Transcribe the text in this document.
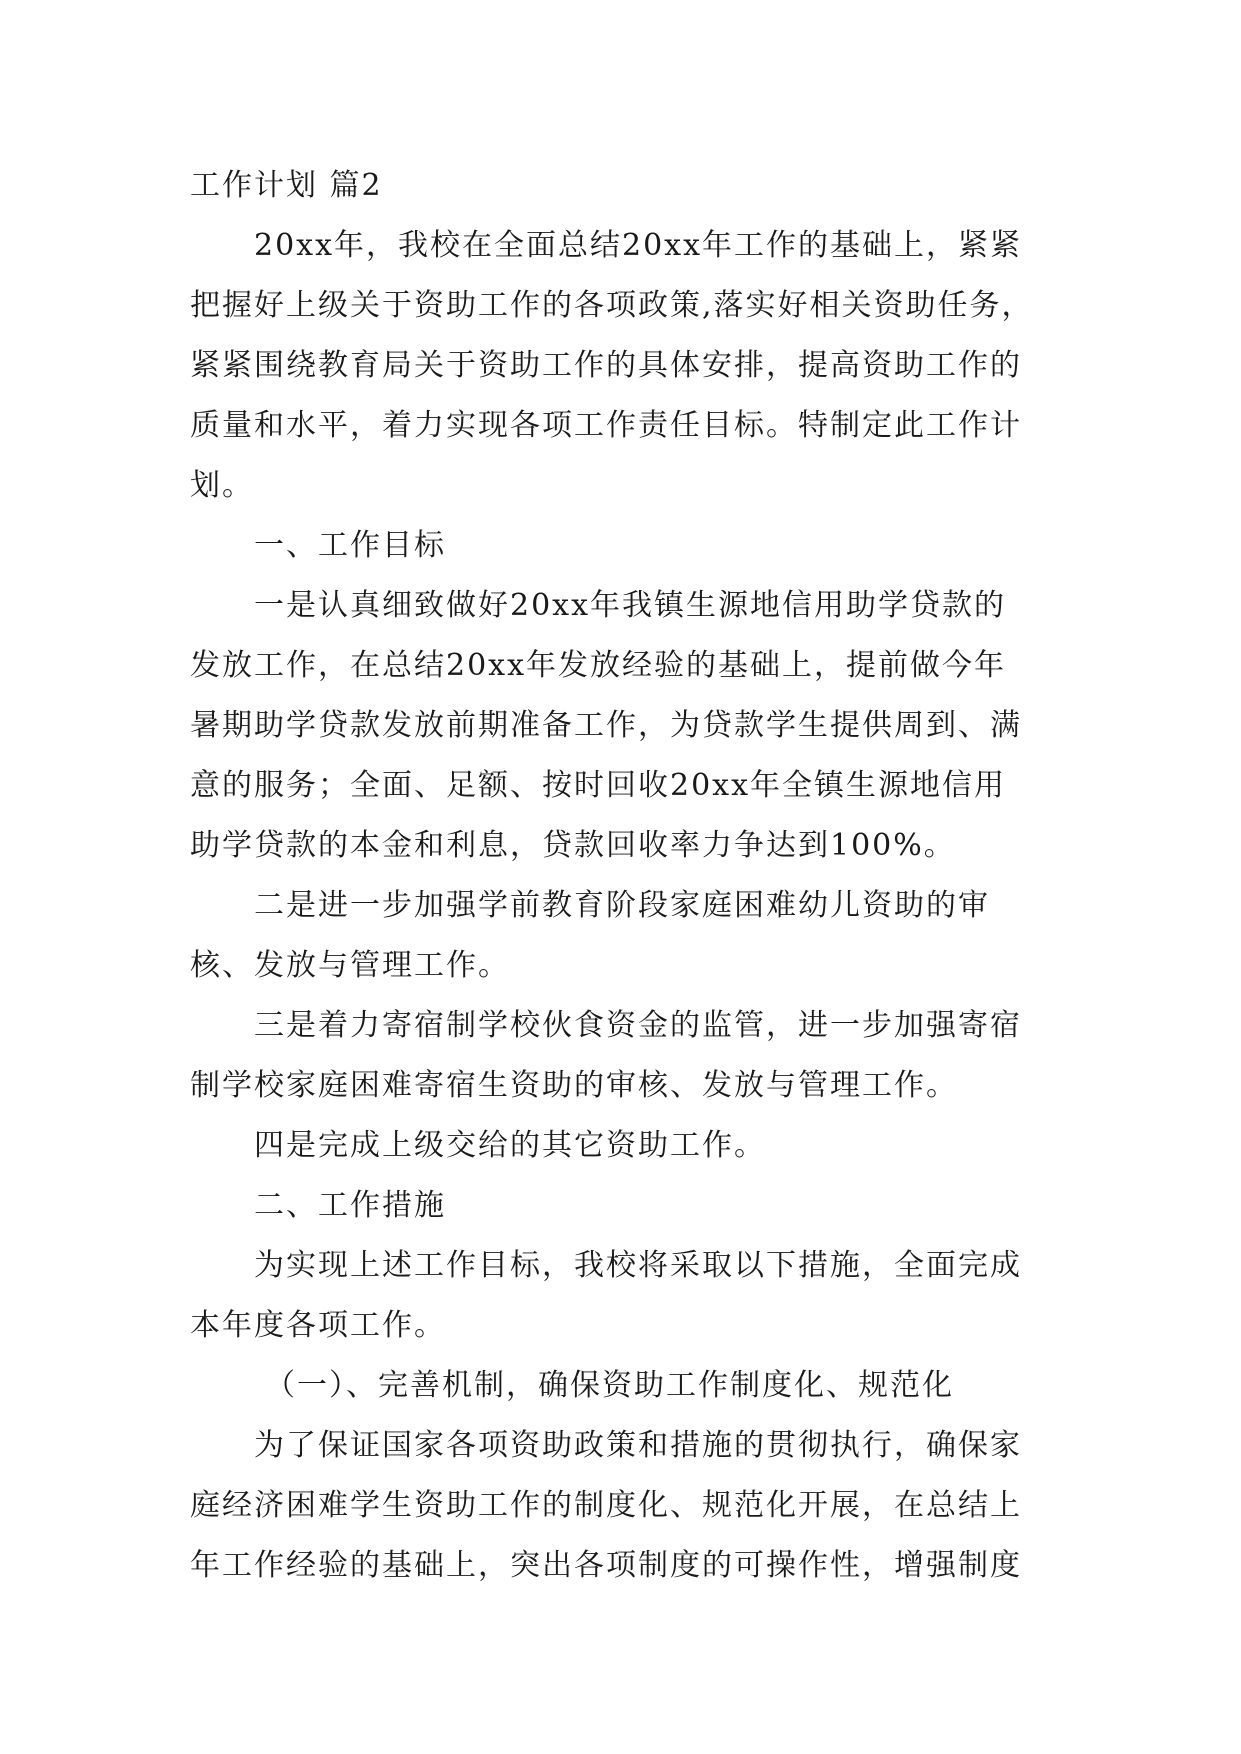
工作计划 篇2

20xx年，我校在全面总结20xx年工作的基础上，紧紧

把握好上级关于资助工作的各项政策,落实好相关资助任务，

紧紧围绕教育局关于资助工作的具体安排，提高资助工作的

质量和水平，着力实现各项工作责任目标。特制定此工作计

划。

一、工作目标

一是认真细致做好20xx年我镇生源地信用助学贷款的

发放工作，在总结20xx年发放经验的基础上，提前做今年

暑期助学贷款发放前期准备工作，为贷款学生提供周到、满

意的服务；全面、足额、按时回收20xx年全镇生源地信用

助学贷款的本金和利息，贷款回收率力争达到100%。

二是进一步加强学前教育阶段家庭困难幼儿资助的审

核、发放与管理工作。

三是着力寄宿制学校伙食资金的监管，进一步加强寄宿

制学校家庭困难寄宿生资助的审核、发放与管理工作。

四是完成上级交给的其它资助工作。

二、工作措施

为实现上述工作目标，我校将采取以下措施，全面完成

本年度各项工作。

（一）、完善机制，确保资助工作制度化、规范化

为了保证国家各项资助政策和措施的贯彻执行，确保家

庭经济困难学生资助工作的制度化、规范化开展，在总结上

年工作经验的基础上，突出各项制度的可操作性，增强制度
